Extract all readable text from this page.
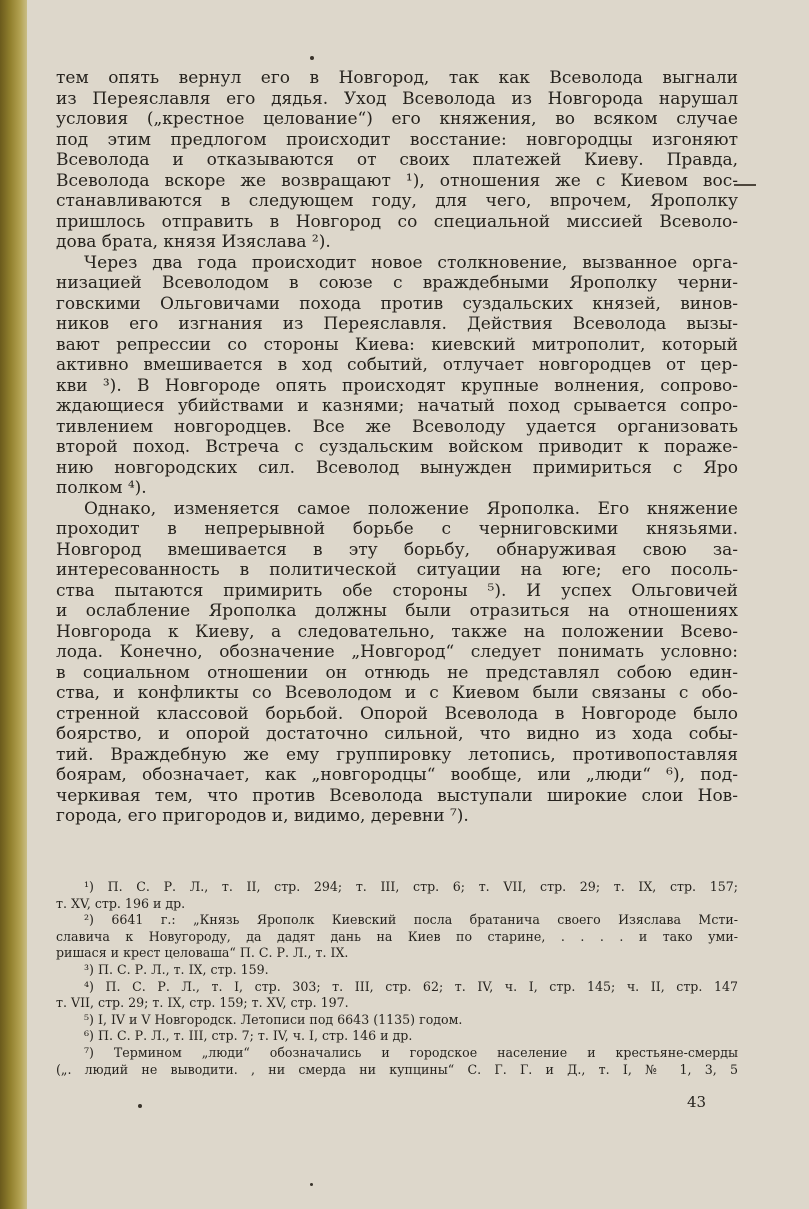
тем опять вернул его в Новгород, так как Всеволода выгнали
из Переяславля его дядья. Уход Всеволода из Новгорода нарушал
условия („крестное целование“) его княжения, во всяком случае
под этим предлогом происходит восстание: новгородцы изгоняют
Всеволода и отказываются от своих платежей Киеву. Правда,
Всеволода вскоре же возвращают ¹), отношения же с Киевом вос-
станавливаются в следующем году, для чего, впрочем, Ярополку
пришлось отправить в Новгород со специальной миссией Всеволо-
дова брата, князя Изяслава ²).
Через два года происходит новое столкновение, вызванное орга-
низацией Всеволодом в союзе с враждебными Ярополку черни-
говскими Ольговичами похода против суздальских князей, винов-
ников его изгнания из Переяславля. Действия Всеволода вызы-
вают репрессии со стороны Киева: киевский митрополит, который
активно вмешивается в ход событий, отлучает новгородцев от цер-
кви ³). В Новгороде опять происходят крупные волнения, сопрово-
ждающиеся убийствами и казнями; начатый поход срывается сопро-
тивлением новгородцев. Все же Всеволоду удается организовать
второй поход. Встреча с суздальским войском приводит к пораже-
нию новгородских сил. Всеволод вынужден примириться с Яро
полком ⁴).
Однако, изменяется самое положение Ярополка. Его княжение
проходит в непрерывной борьбе с черниговскими князьями.
Новгород вмешивается в эту борьбу, обнаруживая свою за-
интересованность в политической ситуации на юге; его посоль-
ства пытаются примирить обе стороны ⁵). И успех Ольговичей
и ослабление Ярополка должны были отразиться на отношениях
Новгорода к Киеву, а следовательно, также на положении Всево-
лода. Конечно, обозначение „Новгород“ следует понимать условно:
в социальном отношении он отнюдь не представлял собою един-
ства, и конфликты со Всеволодом и с Киевом были связаны с обо-
стренной классовой борьбой. Опорой Всеволода в Новгороде было
боярство, и опорой достаточно сильной, что видно из хода собы-
тий. Враждебную же ему группировку летопись, противопоставляя
боярам, обозначает, как „новгородцы“ вообще, или „люди“ ⁶), под-
черкивая тем, что против Всеволода выступали широкие слои Нов-
города, его пригородов и, видимо, деревни ⁷).
¹) П. С. Р. Л., т. II, стр. 294; т. III, стр. 6; т. VII, стр. 29; т. IX, стр. 157;
т. XV, стр. 196 и др.
²) 6641 г.: „Князь Ярополк Киевский посла братанича своего Изяслава Мсти-
славича к Новугороду, да дадят дань на Киев по старине, . . . . и тако уми-
ришася и крест целоваша“ П. С. Р. Л., т. IX.
³) П. С. Р. Л., т. IX, стр. 159.
⁴) П. С. Р. Л., т. I, стр. 303; т. III, стр. 62; т. IV, ч. I, стр. 145; ч. II, стр. 147
т. VII, стр. 29; т. IX, стр. 159; т. XV, стр. 197.
⁵) I, IV и V Новгородск. Летописи под 6643 (1135) годом.
⁶) П. С. Р. Л., т. III, стр. 7; т. IV, ч. I, стр. 146 и др.
⁷) Термином „люди“ обозначались и городское население и крестьяне-смерды
(„. людий не выводити. , ни смерда ни купцины“ С. Г. Г. и Д., т. I, № 1, 3, 5
43
